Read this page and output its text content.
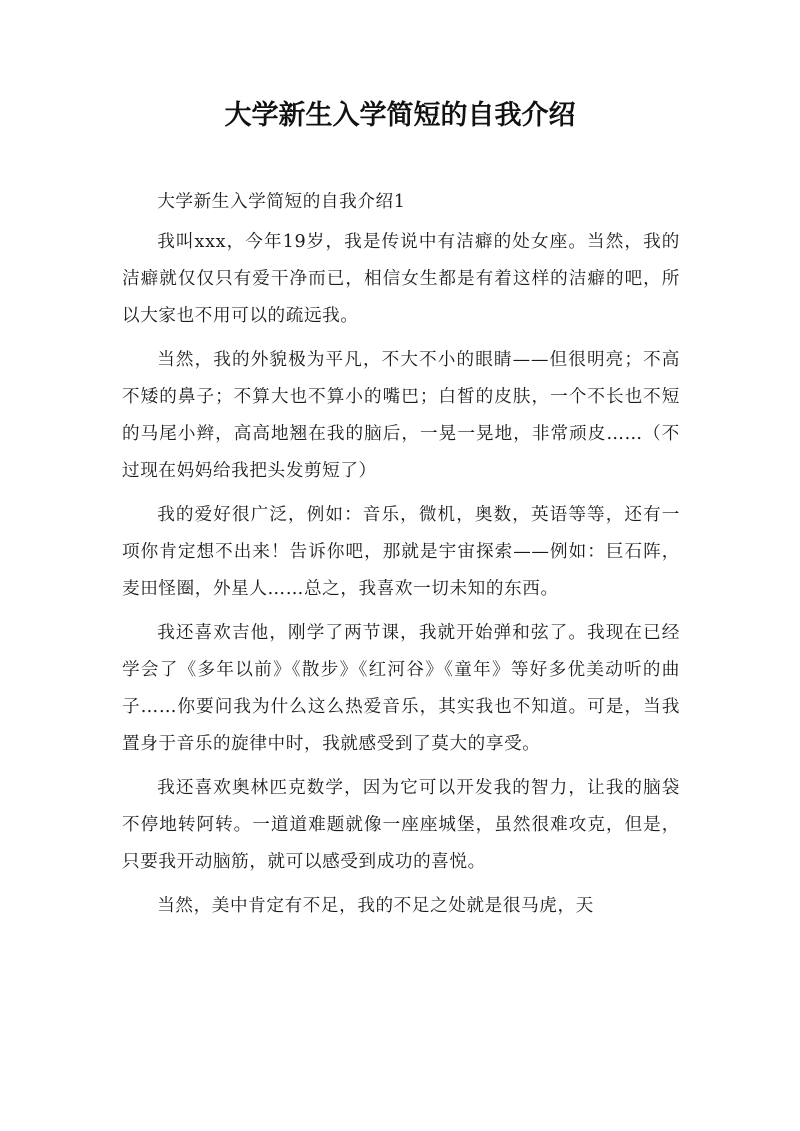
大学新生入学简短的自我介绍

大学新生入学简短的自我介绍1

我叫xxx，今年19岁，我是传说中有洁癖的处女座。当然，我的洁癖就仅仅只有爱干净而已，相信女生都是有着这样的洁癖的吧，所以大家也不用可以的疏远我。

当然，我的外貌极为平凡，不大不小的眼睛——但很明亮；不高不矮的鼻子；不算大也不算小的嘴巴；白皙的皮肤，一个不长也不短的马尾小辫，高高地翘在我的脑后，一晃一晃地，非常顽皮……（不过现在妈妈给我把头发剪短了）

我的爱好很广泛，例如：音乐，微机，奥数，英语等等，还有一项你肯定想不出来！告诉你吧，那就是宇宙探索——例如：巨石阵，麦田怪圈，外星人……总之，我喜欢一切未知的东西。

我还喜欢吉他，刚学了两节课，我就开始弹和弦了。我现在已经学会了《多年以前》《散步》《红河谷》《童年》等好多优美动听的曲子……你要问我为什么这么热爱音乐，其实我也不知道。可是，当我置身于音乐的旋律中时，我就感受到了莫大的享受。

我还喜欢奥林匹克数学，因为它可以开发我的智力，让我的脑袋不停地转阿转。一道道难题就像一座座城堡，虽然很难攻克，但是，只要我开动脑筋，就可以感受到成功的喜悦。

当然，美中肯定有不足，我的不足之处就是很马虎，天
